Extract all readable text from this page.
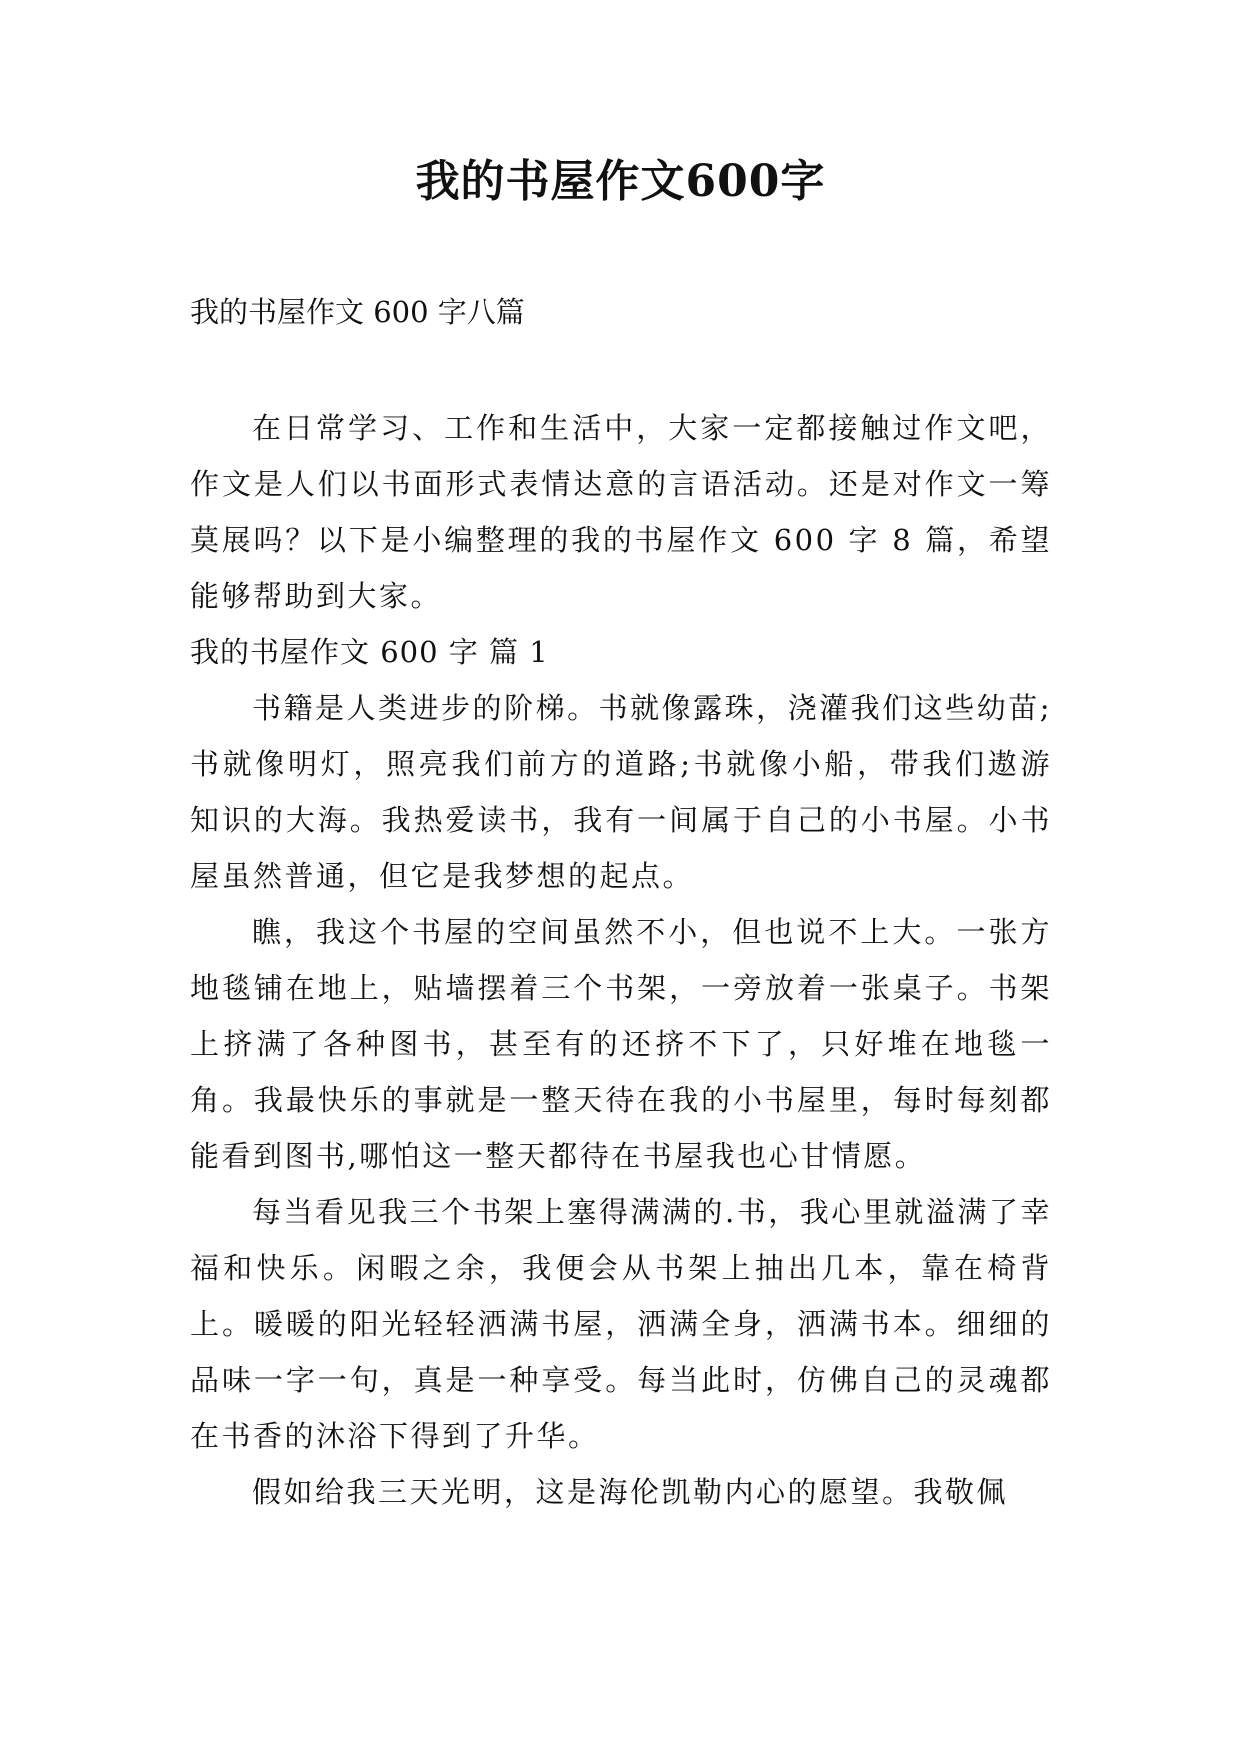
我的书屋作文600字

我的书屋作文 600 字八篇

在日常学习、工作和生活中，大家一定都接触过作文吧，作文是人们以书面形式表情达意的言语活动。还是对作文一筹莫展吗？以下是小编整理的我的书屋作文 600 字 8 篇，希望能够帮助到大家。

我的书屋作文 600 字 篇 1

书籍是人类进步的阶梯。书就像露珠，浇灌我们这些幼苗;书就像明灯，照亮我们前方的道路;书就像小船，带我们遨游知识的大海。我热爱读书，我有一间属于自己的小书屋。小书屋虽然普通，但它是我梦想的起点。

瞧，我这个书屋的空间虽然不小，但也说不上大。一张方地毯铺在地上，贴墙摆着三个书架，一旁放着一张桌子。书架上挤满了各种图书，甚至有的还挤不下了，只好堆在地毯一角。我最快乐的事就是一整天待在我的小书屋里，每时每刻都能看到图书,哪怕这一整天都待在书屋我也心甘情愿。

每当看见我三个书架上塞得满满的.书，我心里就溢满了幸福和快乐。闲暇之余，我便会从书架上抽出几本，靠在椅背上。暖暖的阳光轻轻洒满书屋，洒满全身，洒满书本。细细的品味一字一句，真是一种享受。每当此时，仿佛自己的灵魂都在书香的沐浴下得到了升华。

假如给我三天光明，这是海伦凯勒内心的愿望。我敬佩
